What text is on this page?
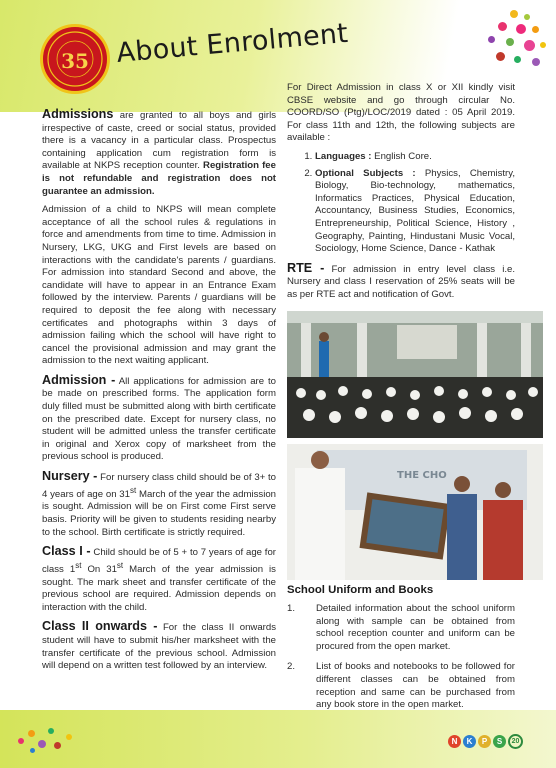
35 About Enrolment

Admissions are granted to all boys and girls irrespective of caste, creed or social status, provided there is a vacancy in a particular class. Prospectus containing application cum registration form is available at NKPS reception counter. Registration fee is not refundable and registration does not guarantee an admission.

Admission of a child to NKPS will mean complete acceptance of all the school rules & regulations in force and amendments from time to time. Admission in Nursery, LKG, UKG and First levels are based on interactions with the candidate's parents / guardians. For admission into standard Second and above, the candidate will have to appear in an Entrance Exam followed by the interview. Parents / guardians will be required to deposit the fee along with necessary certificates and photographs within 3 days of admission failing which the school will have right to cancel the provisional admission and may grant the admission to the next waiting applicant.

Admission - All applications for admission are to be made on prescribed forms. The application form duly filled must be submitted along with birth certificate on the prescribed date. Except for nursery class, no student will be admitted unless the transfer certificate in original and Xerox copy of marksheet from the previous school is produced.

Nursery - For nursery class child should be of 3+ to 4 years of age on 31st March of the year the admission is sought. Admission will be on First come First serve basis. Priority will be given to students residing nearby to the school. Birth certificate is strictly required.

Class I - Child should be of 5 + to 7 years of age for class 1st On 31st March of the year admission is sought. The mark sheet and transfer certificate of the previous school are required. Admission depends on interaction with the child.

Class II onwards - For the class II onwards student will have to submit his/her marksheet with the transfer certificate of the previous school. Admission will depend on a written test followed by an interview.

For Direct Admission in class X or XII kindly visit CBSE website and go through circular No. COORD/SO (Ptg)/LOC/2019 dated : 05 April 2019. For class 11th and 12th, the following subjects are available :

1. Languages : English Core.
2. Optional Subjects : Physics, Chemistry, Biology, Bio-technology, mathematics, Informatics Practices, Physical Education, Accountancy, Business Studies, Economics, Entrepreneurship, Political Science, History , Geography, Painting, Hindustani Music Vocal, Sociology, Home Science, Dance - Kathak

RTE - For admission in entry level class i.e. Nursery and class I reservation of 25% seats will be as per RTE act and notification of Govt.

THE CHO
School Uniform and Books
1. Detailed information about the school uniform along with sample can be obtained from school reception counter and uniform can be procured from the open market.
2. List of books and notebooks to be followed for different classes can be obtained from reception and same can be purchased from any book store in the open market.
N	K	P	S	20
